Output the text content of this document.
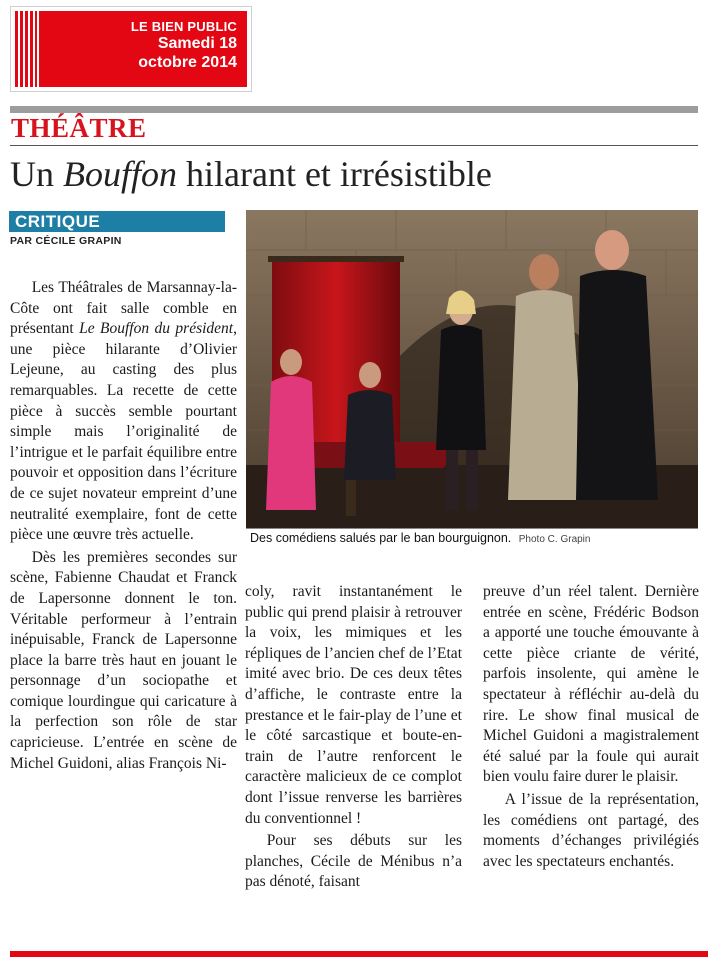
LE BIEN PUBLIC
Samedi 18
octobre 2014
THÉÂTRE
Un Bouffon hilarant et irrésistible
CRITIQUE
PAR CÉCILE GRAPIN

Les Théâtrales de Marsannay-la-Côte ont fait salle comble en présentant Le Bouffon du président, une pièce hilarante d’Olivier Lejeune, au casting des plus remarquables. La recette de cette pièce à succès semble pourtant simple mais l’originalité de l’intrigue et le parfait équilibre entre pouvoir et opposition dans l’écriture de ce sujet novateur empreint d’une neutralité exemplaire, font de cette pièce une œuvre très actuelle.

Dès les premières secondes sur scène, Fabienne Chaudat et Franck de Lapersonne donnent le ton. Véritable performeur à l’entrain inépuisable, Franck de Lapersonne place la barre très haut en jouant le personnage d’un sociopathe et comique lourdingue qui caricature à la perfection son rôle de star capricieuse. L’entrée en scène de Michel Guidoni, alias François Ni-

coly, ravit instantanément le public qui prend plaisir à retrouver la voix, les mimiques et les répliques de l’ancien chef de l’Etat imité avec brio. De ces deux têtes d’affiche, le contraste entre la prestance et le fair-play de l’une et le côté sarcastique et boute-en-train de l’autre renforcent le caractère malicieux de ce complot dont l’issue renverse les barrières du conventionnel !

Pour ses débuts sur les planches, Cécile de Ménibus n’a pas dénoté, faisant

preuve d’un réel talent. Dernière entrée en scène, Frédéric Bodson a apporté une touche émouvante à cette pièce criante de vérité, parfois insolente, qui amène le spectateur à réfléchir au-delà du rire. Le show final musical de Michel Guidoni a magistralement été salué par la foule qui aurait bien voulu faire durer le plaisir.

A l’issue de la représentation, les comédiens ont partagé, des moments d’échanges privilégiés avec les spectateurs enchantés.

Des comédiens salués par le ban bourguignon. Photo C. Grapin
